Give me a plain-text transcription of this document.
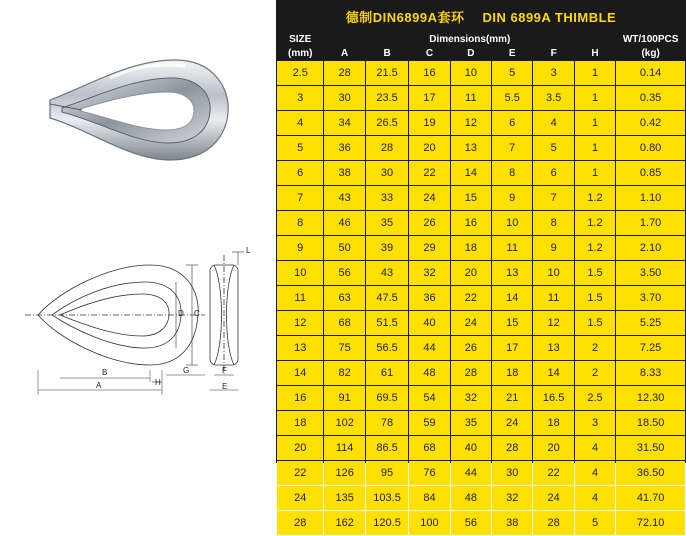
C
D
B
A	H
G	F
E
L
德制DIN6899A套环 DIN 6899A THIMBLE								
SIZE	Dimensions(mm)							WT/100PCS
(mm)	A	B	C	D	E	F	H	(kg)
2.5	28	21.5	16	10	5	3	1	0.14
3	30	23.5	17	11	5.5	3.5	1	0.35
4	34	26.5	19	12	6	4	1	0.42
5	36	28	20	13	7	5	1	0.80
6	38	30	22	14	8	6	1	0.85
7	43	33	24	15	9	7	1.2	1.10
8	46	35	26	16	10	8	1.2	1.70
9	50	39	29	18	11	9	1.2	2.10
10	56	43	32	20	13	10	1.5	3.50
11	63	47.5	36	22	14	11	1.5	3.70
12	68	51.5	40	24	15	12	1.5	5.25
13	75	56.5	44	26	17	13	2	7.25
14	82	61	48	28	18	14	2	8.33
16	91	69.5	54	32	21	16.5	2.5	12.30
18	102	78	59	35	24	18	3	18.50
20	114	86.5	68	40	28	20	4	31.50
22	126	95	76	44	30	22	4	36.50
24	135	103.5	84	48	32	24	4	41.70
28	162	120.5	100	56	38	28	5	72.10
